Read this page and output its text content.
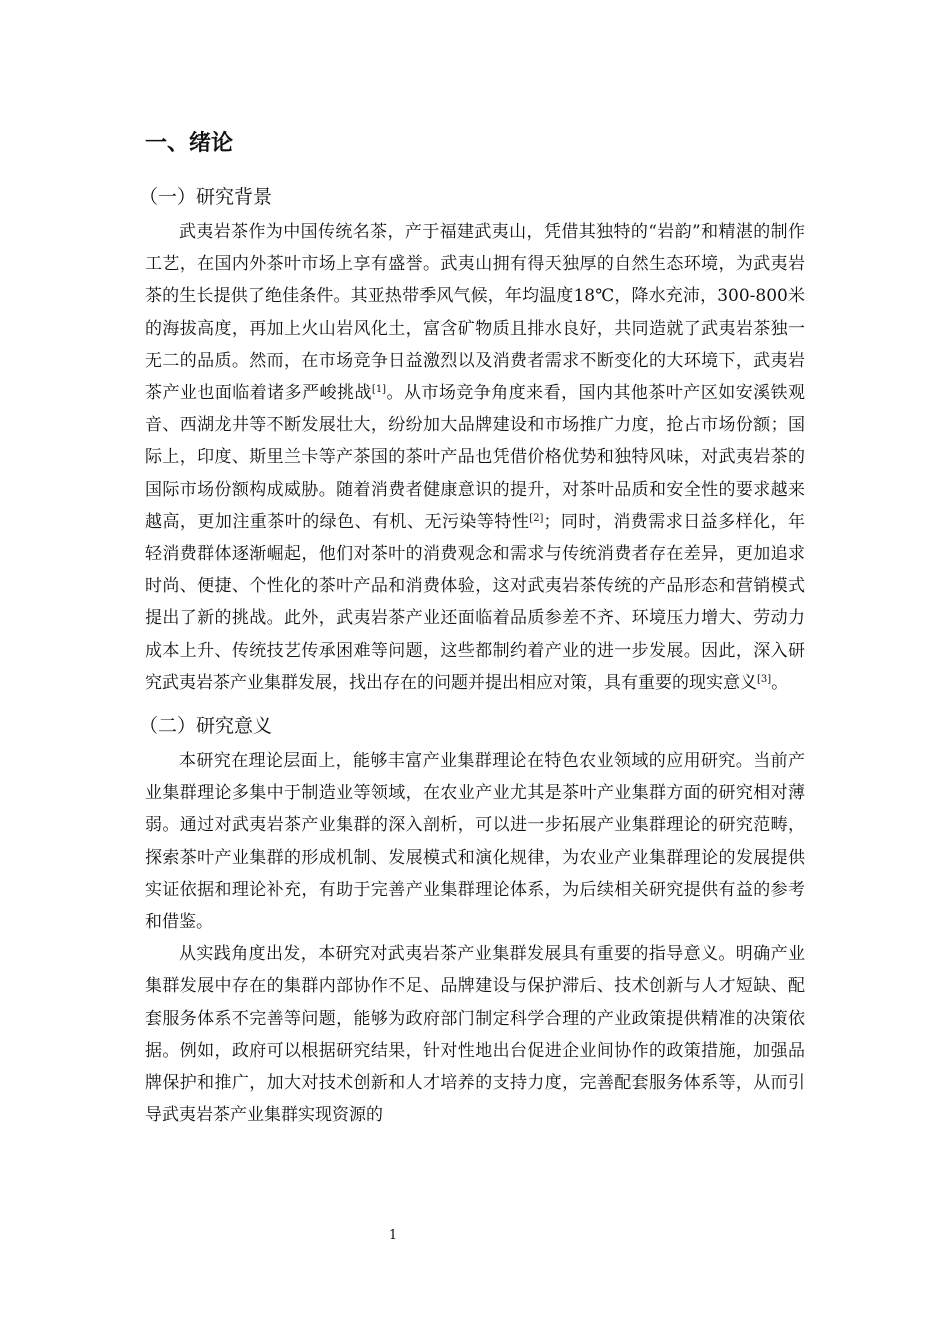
一、绪论
（一）研究背景

武夷岩茶作为中国传统名茶，产于福建武夷山，凭借其独特的“岩韵”和精湛的制作工艺，在国内外茶叶市场上享有盛誉。武夷山拥有得天独厚的自然生态环境，为武夷岩茶的生长提供了绝佳条件。其亚热带季风气候，年均温度18℃，降水充沛，300-800米的海拔高度，再加上火山岩风化土，富含矿物质且排水良好，共同造就了武夷岩茶独一无二的品质。然而，在市场竞争日益激烈以及消费者需求不断变化的大环境下，武夷岩茶产业也面临着诸多严峻挑战[1]。从市场竞争角度来看，国内其他茶叶产区如安溪铁观音、西湖龙井等不断发展壮大，纷纷加大品牌建设和市场推广力度，抢占市场份额；国际上，印度、斯里兰卡等产茶国的茶叶产品也凭借价格优势和独特风味，对武夷岩茶的国际市场份额构成威胁。随着消费者健康意识的提升，对茶叶品质和安全性的要求越来越高，更加注重茶叶的绿色、有机、无污染等特性[2]；同时，消费需求日益多样化，年轻消费群体逐渐崛起，他们对茶叶的消费观念和需求与传统消费者存在差异，更加追求时尚、便捷、个性化的茶叶产品和消费体验，这对武夷岩茶传统的产品形态和营销模式提出了新的挑战。此外，武夷岩茶产业还面临着品质参差不齐、环境压力增大、劳动力成本上升、传统技艺传承困难等问题，这些都制约着产业的进一步发展。因此，深入研究武夷岩茶产业集群发展，找出存在的问题并提出相应对策，具有重要的现实意义[3]。

（二）研究意义

本研究在理论层面上，能够丰富产业集群理论在特色农业领域的应用研究。当前产业集群理论多集中于制造业等领域，在农业产业尤其是茶叶产业集群方面的研究相对薄弱。通过对武夷岩茶产业集群的深入剖析，可以进一步拓展产业集群理论的研究范畴，探索茶叶产业集群的形成机制、发展模式和演化规律，为农业产业集群理论的发展提供实证依据和理论补充，有助于完善产业集群理论体系，为后续相关研究提供有益的参考和借鉴。

从实践角度出发，本研究对武夷岩茶产业集群发展具有重要的指导意义。明确产业集群发展中存在的集群内部协作不足、品牌建设与保护滞后、技术创新与人才短缺、配套服务体系不完善等问题，能够为政府部门制定科学合理的产业政策提供精准的决策依据。例如，政府可以根据研究结果，针对性地出台促进企业间协作的政策措施，加强品牌保护和推广，加大对技术创新和人才培养的支持力度，完善配套服务体系等，从而引导武夷岩茶产业集群实现资源的

1
